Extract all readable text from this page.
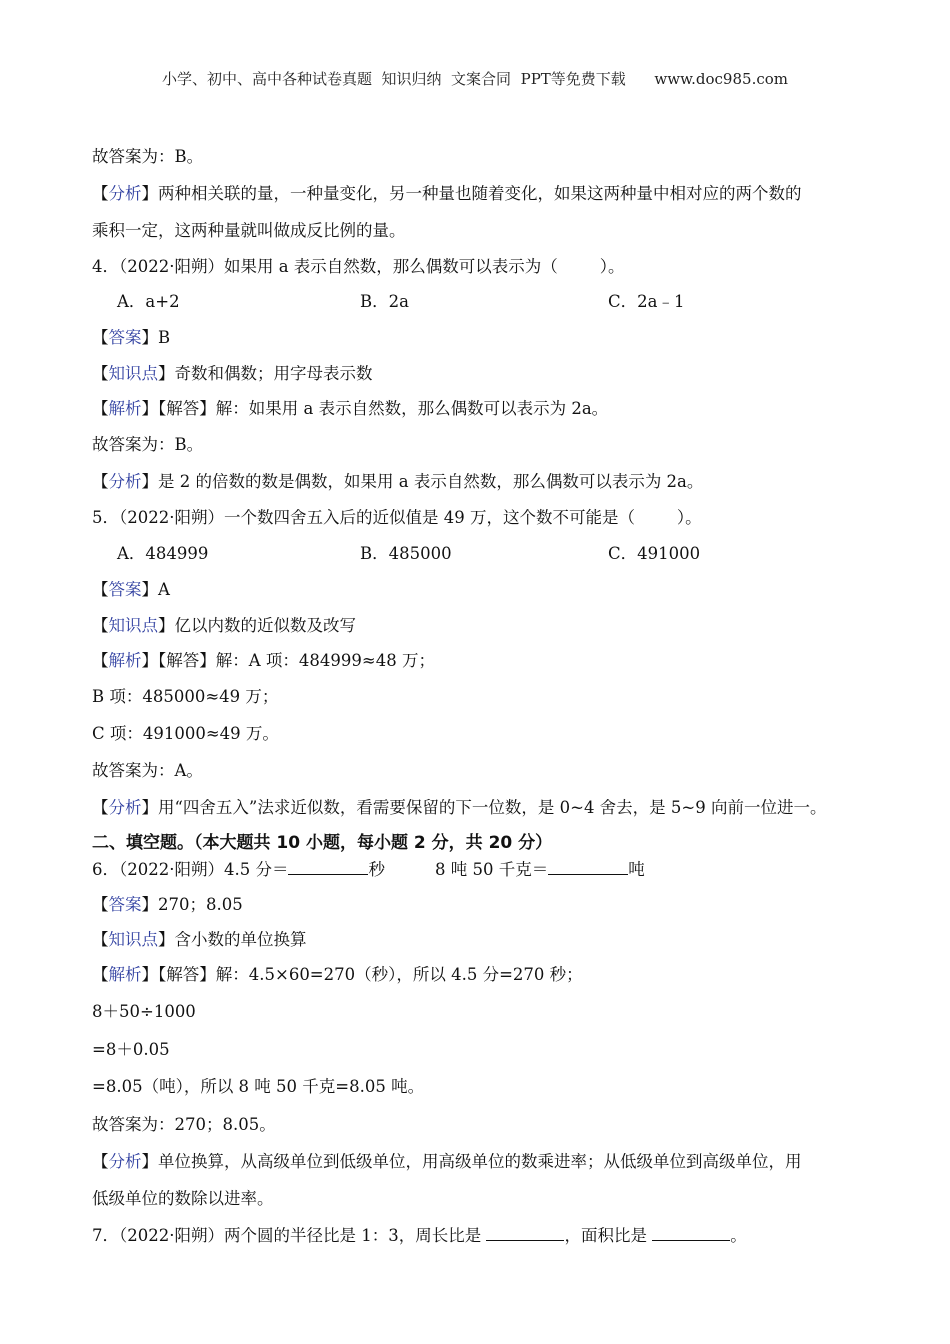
小学、初中、高中各种试卷真题  知识归纳  文案合同  PPT等免费下载      www.doc985.com
故答案为：B。
【分析】两种相关联的量，一种量变化，另一种量也随着变化，如果这两种量中相对应的两个数的
乘积一定，这两种量就叫做成反比例的量。
4．（2022·阳朔）如果用 a 表示自然数，那么偶数可以表示为（        ）。
A．a+2	B．2a	C．2a﹣1
【答案】B
【知识点】奇数和偶数；用字母表示数
【解析】【解答】解：如果用 a 表示自然数，那么偶数可以表示为 2a。
故答案为：B。
【分析】是 2 的倍数的数是偶数，如果用 a 表示自然数，那么偶数可以表示为 2a。
5．（2022·阳朔）一个数四舍五入后的近似值是 49 万，这个数不可能是（        ）。
A．484999	B．485000	C．491000
【答案】A
【知识点】亿以内数的近似数及改写
【解析】【解答】解：A 项：484999≈48 万；
B 项：485000≈49 万；
C 项：491000≈49 万。
故答案为：A。
【分析】用“四舍五入”法求近似数，看需要保留的下一位数，是 0~4 舍去，是 5~9 向前一位进一。
二、填空题。（本大题共 10 小题，每小题 2 分，共 20 分）
6．（2022·阳朔）4.5 分＝	秒	8 吨 50 千克＝	吨
【答案】270；8.05
【知识点】含小数的单位换算
【解析】【解答】解：4.5×60=270（秒），所以 4.5 分=270 秒；
8＋50÷1000
=8＋0.05
=8.05（吨），所以 8 吨 50 千克=8.05 吨。
故答案为：270；8.05。
【分析】单位换算，从高级单位到低级单位，用高级单位的数乘进率；从低级单位到高级单位，用
低级单位的数除以进率。
7．（2022·阳朔）两个圆的半径比是 1：3，周长比是	，面积比是	。
